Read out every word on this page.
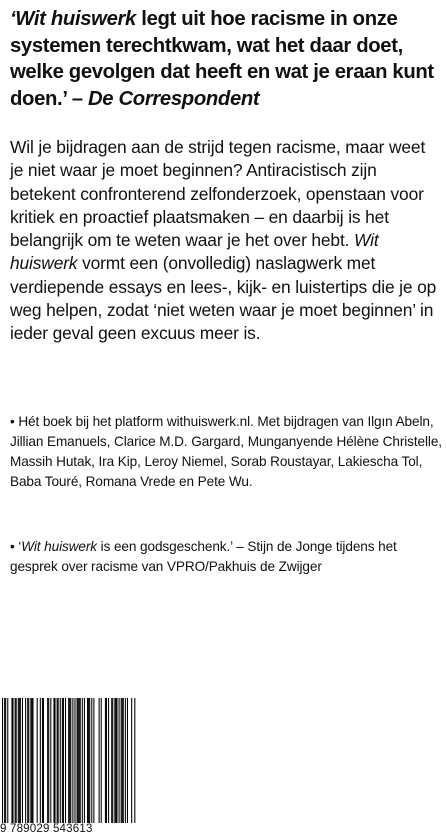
‘Wit huiswerk legt uit hoe racisme in onze systemen terechtkwam, wat het daar doet, welke gevolgen dat heeft en wat je eraan kunt doen.’ – De Correspondent

Wil je bijdragen aan de strijd tegen racisme, maar weet je niet waar je moet beginnen? Antiracistisch zijn betekent confronterend zelfonderzoek, openstaan voor kritiek en proactief plaatsmaken – en daarbij is het belangrijk om te weten waar je het over hebt. Wit huiswerk vormt een (onvolledig) naslagwerk met verdiepende essays en lees-, kijk- en luistertips die je op weg helpen, zodat ‘niet weten waar je moet beginnen’ in ieder geval geen excuus meer is.

• Hét boek bij het platform withuiswerk.nl. Met bijdragen van Ilgın Abeln, Jillian Emanuels, Clarice M.D. Gargard, Munganyende Hélène Christelle, Massih Hutak, Ira Kip, Leroy Niemel, Sorab Roustayar, Lakiescha Tol, Baba Touré, Romana Vrede en Pete Wu.

• ‘Wit huiswerk is een godsgeschenk.’ – Stijn de Jonge tijdens het gesprek over racisme van VPRO/Pakhuis de Zwijger

9 789029 543613
